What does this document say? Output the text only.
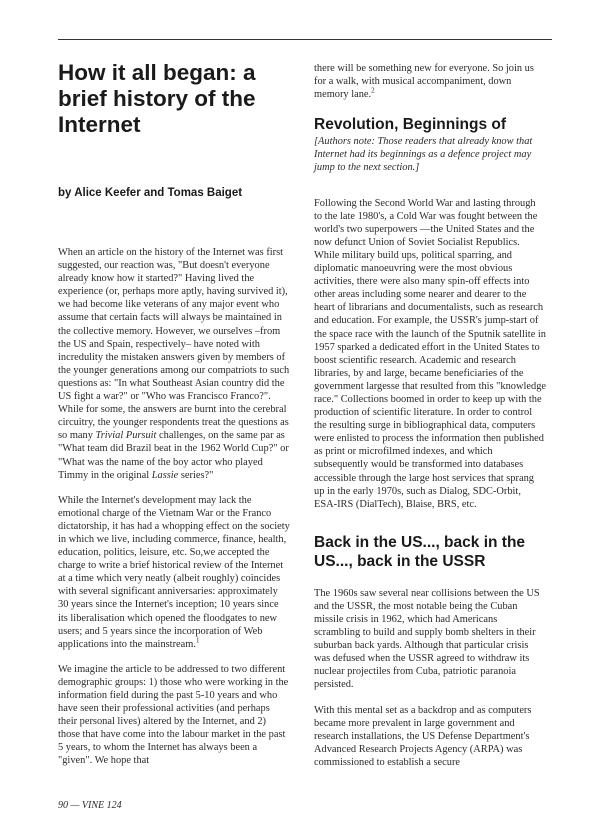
How it all began: a brief history of the Internet
by Alice Keefer and Tomas Baiget

When an article on the history of the Internet was first suggested, our reaction was, "But doesn't everyone already know how it started?" Having lived the experience (or, perhaps more aptly, having survived it), we had become like veterans of any major event who assume that certain facts will always be maintained in the collective memory. However, we ourselves –from the US and Spain, respectively– have noted with incredulity the mistaken answers given by members of the younger generations among our compatriots to such questions as: "In what Southeast Asian country did the US fight a war?" or "Who was Francisco Franco?". While for some, the answers are burnt into the cerebral circuitry, the younger respondents treat the questions as so many Trivial Pursuit challenges, on the same par as "What team did Brazil beat in the 1962 World Cup?" or "What was the name of the boy actor who played Timmy in the original Lassie series?"

While the Internet's development may lack the emotional charge of the Vietnam War or the Franco dictatorship, it has had a whopping effect on the society in which we live, including commerce, finance, health, education, politics, leisure, etc. So,we accepted the charge to write a brief historical review of the Internet at a time which very neatly (albeit roughly) coincides with several significant anniversaries: approximately 30 years since the Internet's inception; 10 years since its liberalisation which opened the floodgates to new users; and 5 years since the incorporation of Web applications into the mainstream.$^1$

We imagine the article to be addressed to two different demographic groups: 1) those who were working in the information field during the past 5-10 years and who have seen their professional activities (and perhaps their personal lives) altered by the Internet, and 2) those that have come into the labour market in the past 5 years, to whom the Internet has always been a "given". We hope that

there will be something new for everyone. So join us for a walk, with musical accompaniment, down memory lane.$^2$

Revolution, Beginnings of

[Authors note: Those readers that already know that Internet had its beginnings as a defence project may jump to the next section.]

Following the Second World War and lasting through to the late 1980's, a Cold War was fought between the world's two superpowers —the United States and the now defunct Union of Soviet Socialist Republics. While military build ups, political sparring, and diplomatic manoeuvring were the most obvious activities, there were also many spin-off effects into other areas including some nearer and dearer to the heart of librarians and documentalists, such as research and education. For example, the USSR's jump-start of the space race with the launch of the Sputnik satellite in 1957 sparked a dedicated effort in the United States to boost scientific research. Academic and research libraries, by and large, became beneficiaries of the government largesse that resulted from this "knowledge race." Collections boomed in order to keep up with the production of scientific literature. In order to control the resulting surge in bibliographical data, computers were enlisted to process the information then published as print or microfilmed indexes, and which subsequently would be transformed into databases accessible through the large host services that sprang up in the early 1970s, such as Dialog, SDC-Orbit, ESA-IRS (DialTech), Blaise, BRS, etc.

Back in the US..., back in the US..., back in the USSR

The 1960s saw several near collisions between the US and the USSR, the most notable being the Cuban missile crisis in 1962, which had Americans scrambling to build and supply bomb shelters in their suburban back yards. Although that particular crisis was defused when the USSR agreed to withdraw its nuclear projectiles from Cuba, patriotic paranoia persisted.

With this mental set as a backdrop and as computers became more prevalent in large government and research installations, the US Defense Department's Advanced Research Projects Agency (ARPA) was commissioned to establish a secure

90 — VINE 124
